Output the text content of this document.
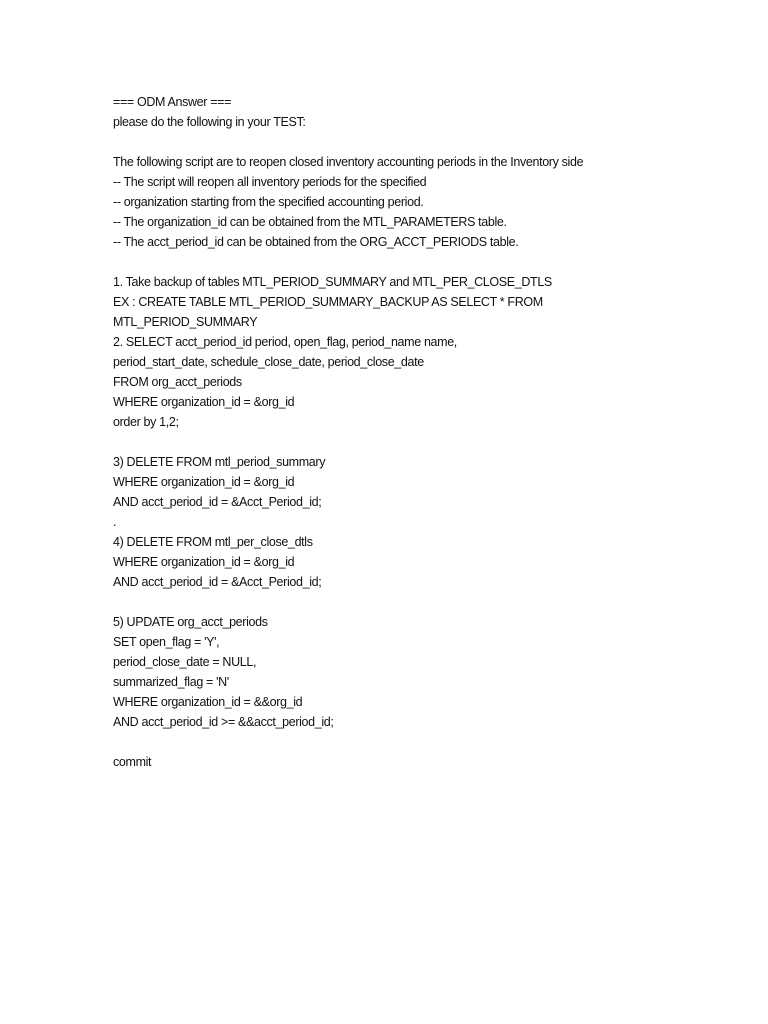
=== ODM Answer ===
please do the following in your TEST:
The following script are to reopen closed inventory accounting periods in the Inventory side
-- The script will reopen all inventory periods for the specified
-- organization starting from the specified accounting period.
-- The organization_id can be obtained from the MTL_PARAMETERS table.
-- The acct_period_id can be obtained from the ORG_ACCT_PERIODS table.
1. Take backup of tables MTL_PERIOD_SUMMARY and MTL_PER_CLOSE_DTLS
EX : CREATE TABLE MTL_PERIOD_SUMMARY_BACKUP AS SELECT * FROM
MTL_PERIOD_SUMMARY
2. SELECT acct_period_id period, open_flag, period_name name,
period_start_date, schedule_close_date, period_close_date
FROM org_acct_periods
WHERE organization_id = &org_id
order by 1,2;
3) DELETE FROM mtl_period_summary
WHERE organization_id = &org_id
AND acct_period_id = &Acct_Period_id;
.
4) DELETE FROM mtl_per_close_dtls
WHERE organization_id = &org_id
AND acct_period_id = &Acct_Period_id;
5) UPDATE org_acct_periods
SET open_flag = 'Y',
period_close_date = NULL,
summarized_flag = 'N'
WHERE organization_id = &&org_id
AND acct_period_id >= &&acct_period_id;
commit
